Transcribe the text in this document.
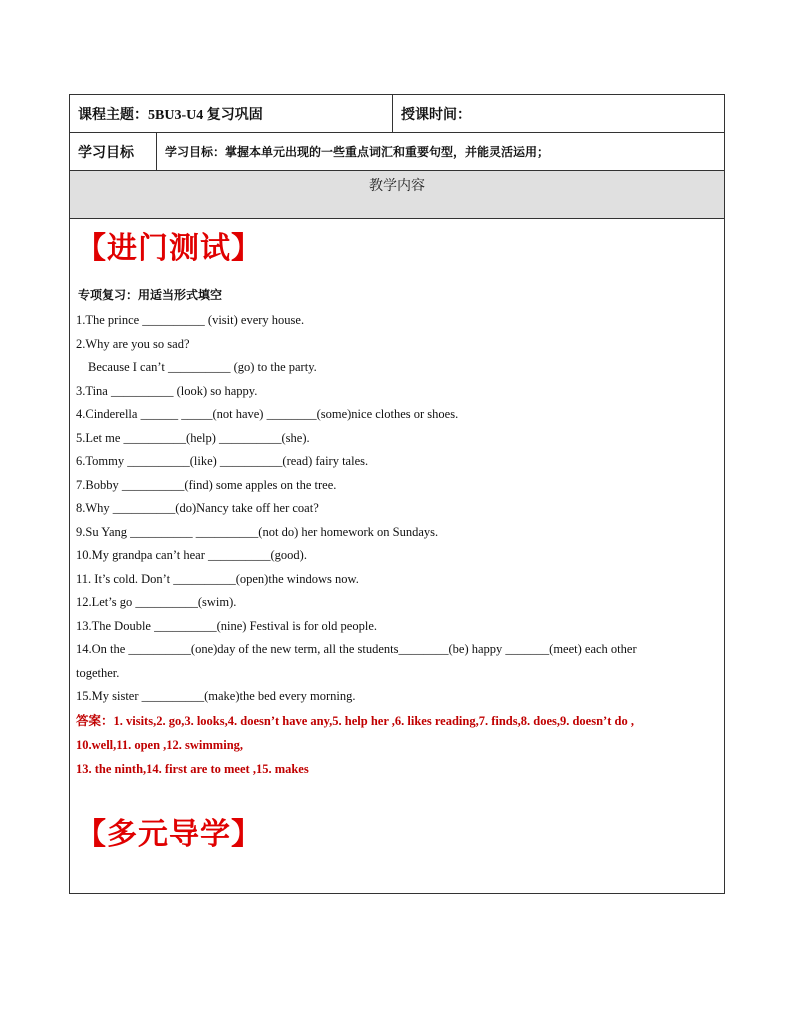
课程主题： 5BU3-U4 复习巩固	授课时间：
学习目标	学习目标：掌握本单元出现的一些重点词汇和重要句型，并能灵活运用；
教学内容
【进门测试】
专项复习：用适当形式填空
1.The prince __________ (visit) every house.
2.Why are you so sad?
Because I can’t __________ (go) to the party.
3.Tina __________ (look) so happy.
4.Cinderella ______ _____(not have) ________(some)nice clothes or shoes.
5.Let me __________(help) __________(she).
6.Tommy __________(like) __________(read) fairy tales.
7.Bobby __________(find) some apples on the tree.
8.Why __________(do)Nancy take off her coat?
9.Su Yang __________ __________(not do) her homework on Sundays.
10.My grandpa can’t hear __________(good).
11. It’s cold. Don’t __________(open)the windows now.
12.Let’s go __________(swim).
13.The Double __________(nine) Festival is for old people.
14.On the __________(one)day of the new term, all the students________(be) happy _______(meet) each other
together.
15.My sister __________(make)the bed every morning.
答案：1. visits,2. go,3. looks,4. doesn’t have any,5. help her ,6. likes reading,7. finds,8. does,9. doesn’t do ,
10.well,11. open ,12. swimming,
13. the ninth,14. first are to meet ,15. makes
【多元导学】
